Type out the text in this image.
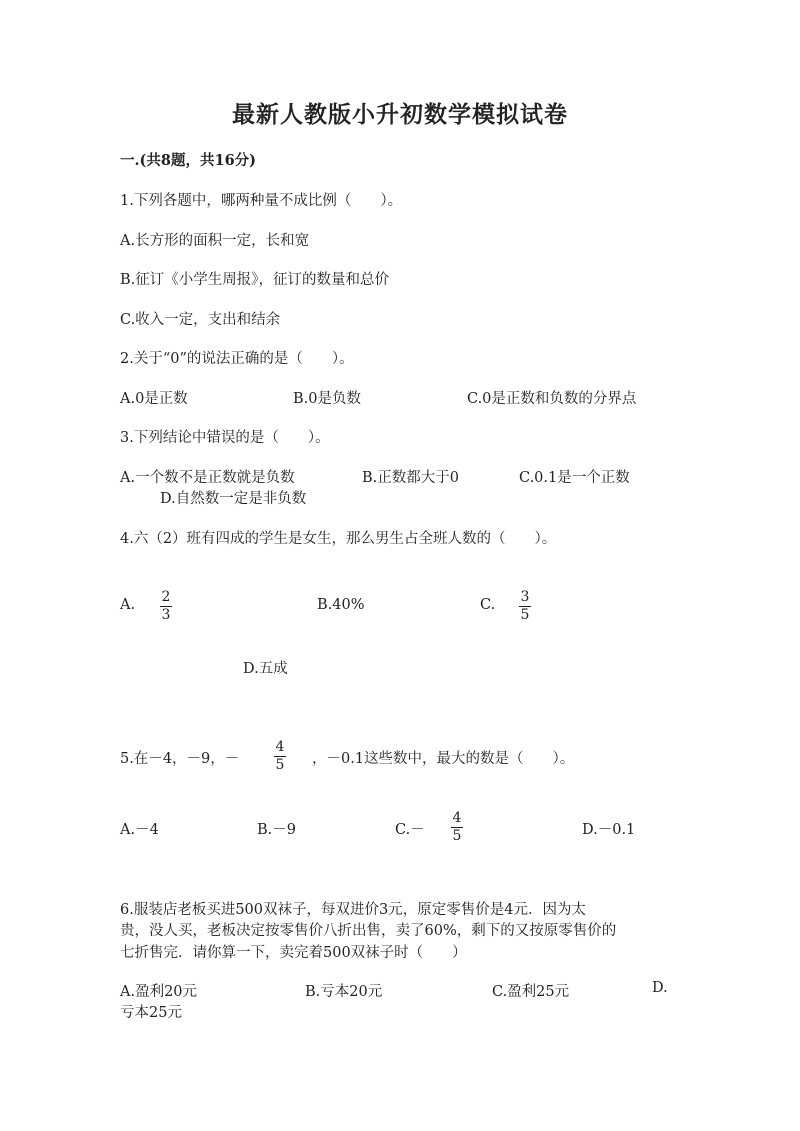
最新人教版小升初数学模拟试卷
一.(共8题，共16分)
1.下列各题中，哪两种量不成比例（　　）。
A.长方形的面积一定，长和宽
B.征订《小学生周报》，征订的数量和总价
C.收入一定，支出和结余
2.关于“0”的说法正确的是（　　）。
A.0是正数	B.0是负数	C.0是正数和负数的分界点
3.下列结论中错误的是（　　）。
A.一个数不是正数就是负数	B.正数都大于0	C.0.1是一个正数
D.自然数一定是非负数
4.六（2）班有四成的学生是女生，那么男生占全班人数的（　　）。
A. 2
3
B.40%	C. 3
5
D.五成
5.在－4，－9，－
4
5 ，－0.1这些数中，最大的数是（　　）。
A.－4	B.－9	C.－
4
5	D.－0.1
6.服装店老板买进500双袜子，每双进价3元，原定零售价是4元．因为太
贵，没人买，老板决定按零售价八折出售，卖了60%，剩下的又按原零售价的
七折售完．请你算一下，卖完着500双袜子时（　　）
A.盈利20元	B.亏本20元	C.盈利25元	D.
亏本25元
